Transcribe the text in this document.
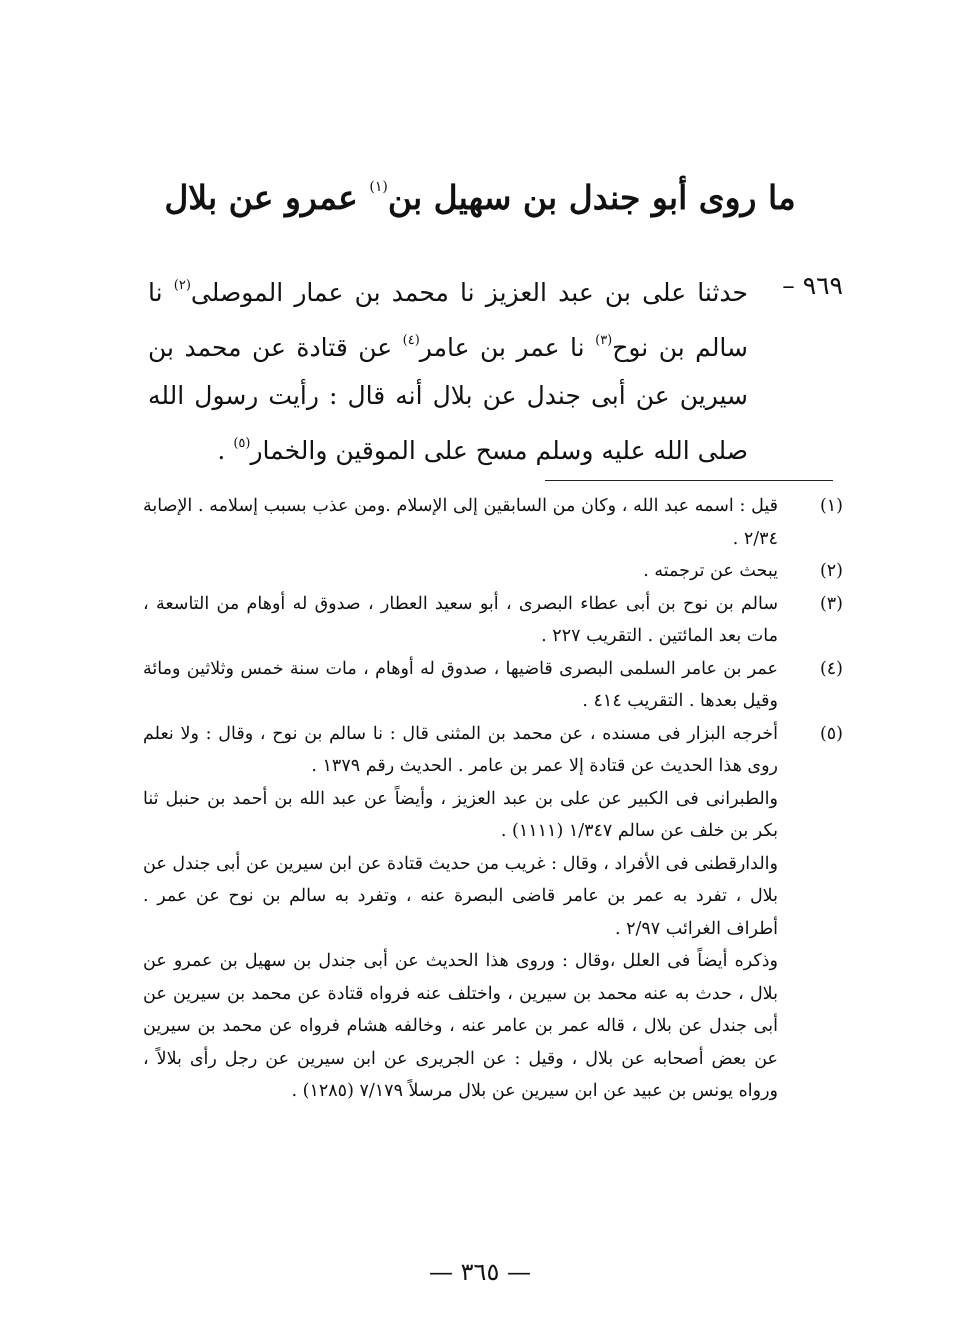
ما روى أبو جندل بن سهيل بن$^{(١)}$ عمرو عن بلال
٩٦٩ –
حدثنا على بن عبد العزيز نا محمد بن عمار الموصلى$^{(٢)}$ نا سالم بن نوح$^{(٣)}$ نا عمر بن عامر$^{(٤)}$ عن قتادة عن محمد بن سيرين عن أبى جندل عن بلال أنه قال : رأيت رسول الله صلى الله عليه وسلم مسح على الموقين والخمار$^{(٥)}$ .
(١)
قيل : اسمه عبد الله ، وكان من السابقين إلى الإسلام .ومن عذب بسبب إسلامه . الإصابة ٢/٣٤ .
(٢)
يبحث عن ترجمته .
(٣)
سالم بن نوح بن أبى عطاء البصرى ، أبو سعيد العطار ، صدوق له أوهام من التاسعة ، مات بعد المائتين . التقريب ٢٢٧ .
(٤)
عمر بن عامر السلمى البصرى قاضيها ، صدوق له أوهام ، مات سنة خمس وثلاثين ومائة وقيل بعدها . التقريب ٤١٤ .
(٥)
أخرجه البزار فى مسنده ، عن محمد بن المثنى قال : نا سالم بن نوح ، وقال : ولا نعلم روى هذا الحديث عن قتادة إلا عمر بن عامر . الحديث رقم ١٣٧٩ .
والطبرانى فى الكبير عن على بن عبد العزيز ، وأيضاً عن عبد الله بن أحمد بن حنبل ثنا بكر بن خلف عن سالم ١/٣٤٧ (١١١١) .
والدارقطنى فى الأفراد ، وقال : غريب من حديث قتادة عن ابن سيرين عن أبى جندل عن بلال ، تفرد به عمر بن عامر قاضى البصرة عنه ، وتفرد به سالم بن نوح عن عمر . أطراف الغرائب ٢/٩٧ .
وذكره أيضاً فى العلل ،وقال : وروى هذا الحديث عن أبى جندل بن سهيل بن عمرو عن بلال ، حدث به عنه محمد بن سيرين ، واختلف عنه فرواه قتادة عن محمد بن سيرين عن أبى جندل عن بلال ، قاله عمر بن عامر عنه ، وخالفه هشام فرواه عن محمد بن سيرين عن بعض أصحابه عن بلال ، وقيل : عن الجريرى عن ابن سيرين عن رجل رأى بلالاً ، ورواه يونس بن عبيد عن ابن سيرين عن بلال مرسلاً ٧/١٧٩ (١٢٨٥) .
— ٣٦٥ —
